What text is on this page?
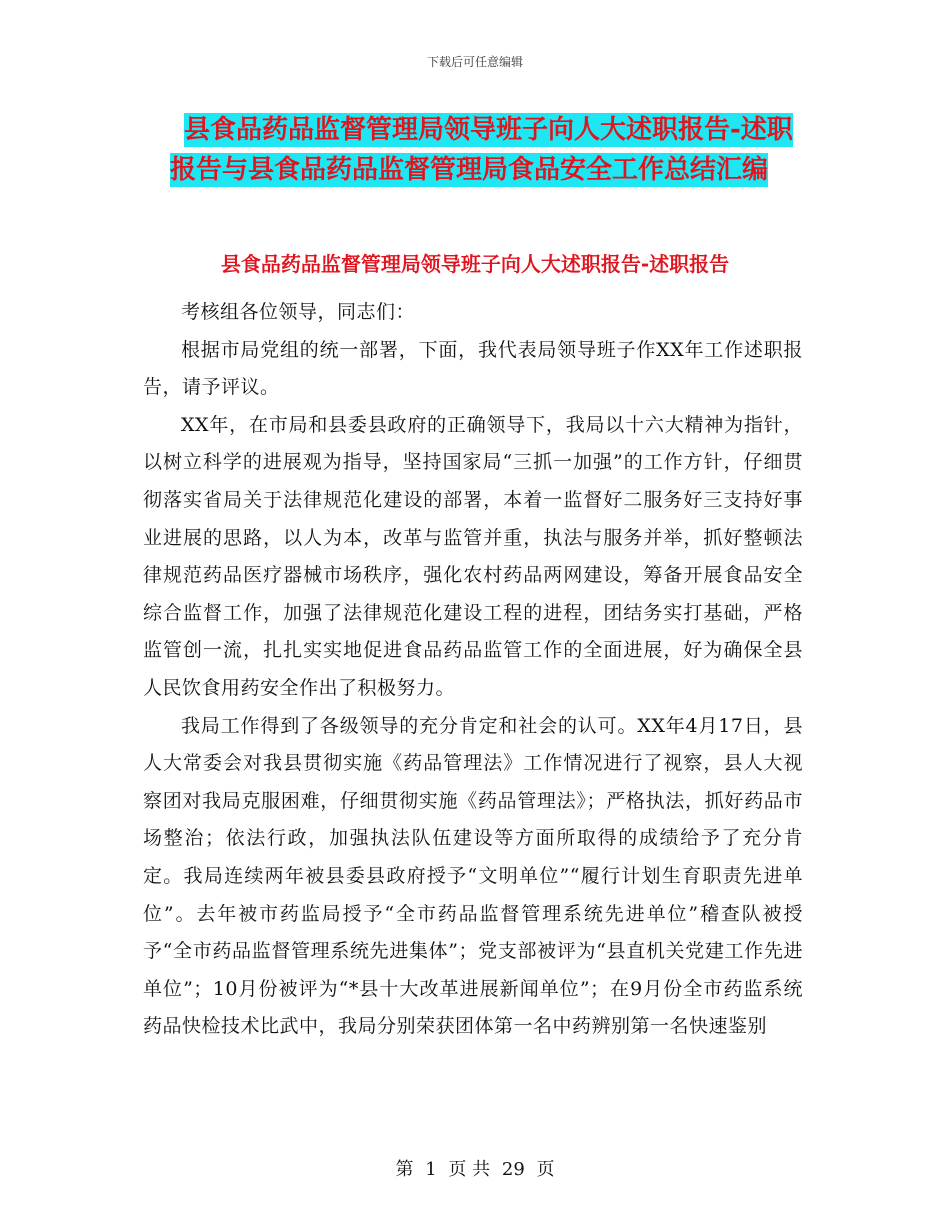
下载后可任意编辑
县食品药品监督管理局领导班子向人大述职报告-述职
报告与县食品药品监督管理局食品安全工作总结汇编
县食品药品监督管理局领导班子向人大述职报告-述职报告

考核组各位领导，同志们：

根据市局党组的统一部署，下面，我代表局领导班子作XX年工作述职报告，请予评议。

XX年，在市局和县委县政府的正确领导下，我局以十六大精神为指针，以树立科学的进展观为指导，坚持国家局“三抓一加强”的工作方针，仔细贯彻落实省局关于法律规范化建设的部署，本着一监督好二服务好三支持好事业进展的思路，以人为本，改革与监管并重，执法与服务并举，抓好整顿法律规范药品医疗器械市场秩序，强化农村药品两网建设，筹备开展食品安全综合监督工作，加强了法律规范化建设工程的进程，团结务实打基础，严格监管创一流，扎扎实实地促进食品药品监管工作的全面进展，好为确保全县人民饮食用药安全作出了积极努力。

我局工作得到了各级领导的充分肯定和社会的认可。XX年4月17日，县人大常委会对我县贯彻实施《药品管理法》工作情况进行了视察，县人大视察团对我局克服困难，仔细贯彻实施《药品管理法》；严格执法，抓好药品市场整治；依法行政，加强执法队伍建设等方面所取得的成绩给予了充分肯定。我局连续两年被县委县政府授予“文明单位”“履行计划生育职责先进单位”。去年被市药监局授予“全市药品监督管理系统先进单位”稽查队被授予“全市药品监督管理系统先进集体”；党支部被评为“县直机关党建工作先进单位”；10月份被评为“*县十大改革进展新闻单位”；在9月份全市药监系统药品快检技术比武中，我局分别荣获团体第一名中药辨别第一名快速鉴别

第 1 页 共 29 页
